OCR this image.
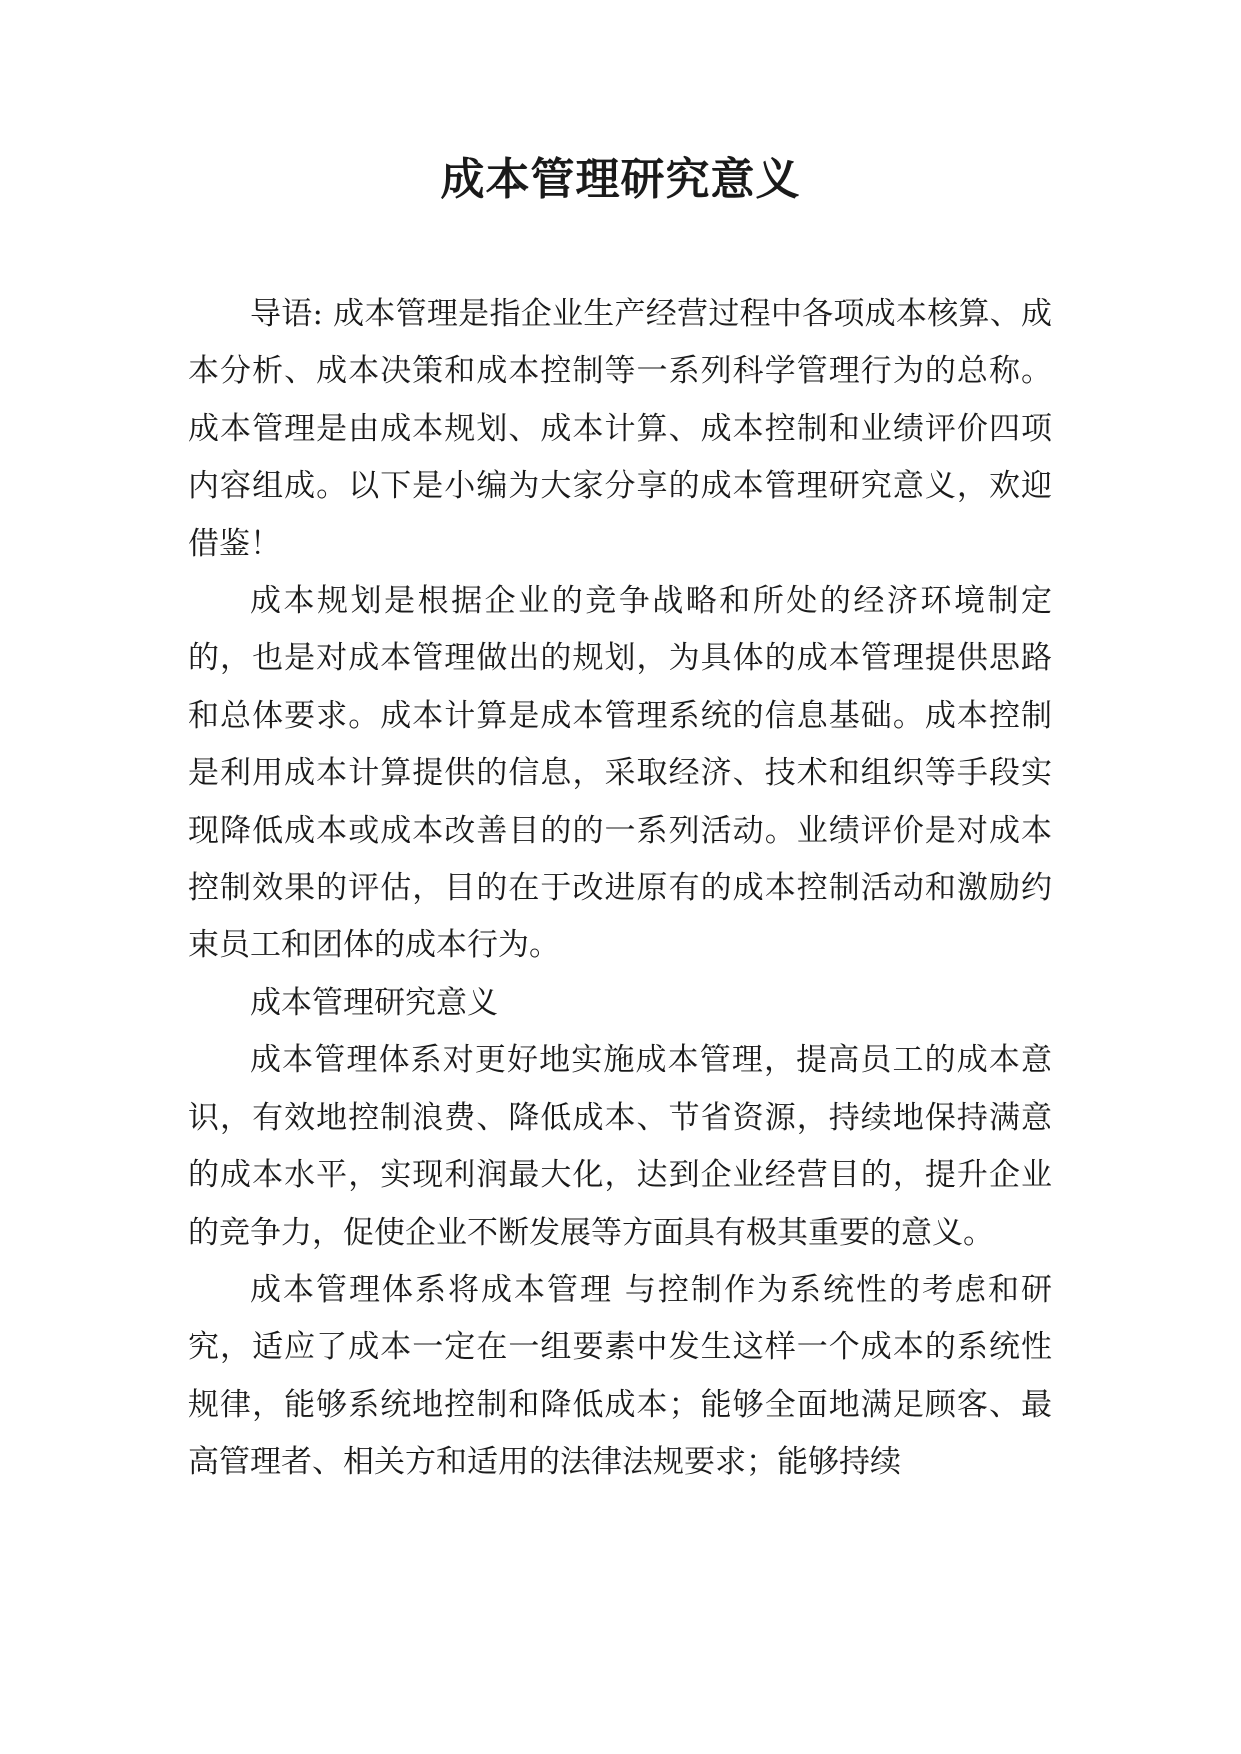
成本管理研究意义

导语: 成本管理是指企业生产经营过程中各项成本核算、成本分析、成本决策和成本控制等一系列科学管理行为的总称。成本管理是由成本规划、成本计算、成本控制和业绩评价四项内容组成。以下是小编为大家分享的成本管理研究意义，欢迎借鉴！

成本规划是根据企业的竞争战略和所处的经济环境制定的，也是对成本管理做出的规划，为具体的成本管理提供思路和总体要求。成本计算是成本管理系统的信息基础。成本控制是利用成本计算提供的信息，采取经济、技术和组织等手段实现降低成本或成本改善目的的一系列活动。业绩评价是对成本控制效果的评估，目的在于改进原有的成本控制活动和激励约束员工和团体的成本行为。

成本管理研究意义

成本管理体系对更好地实施成本管理，提高员工的成本意识，有效地控制浪费、降低成本、节省资源，持续地保持满意的成本水平，实现利润最大化，达到企业经营目的，提升企业的竞争力，促使企业不断发展等方面具有极其重要的意义。

成本管理体系将成本管理 与控制作为系统性的考虑和研究，适应了成本一定在一组要素中发生这样一个成本的系统性规律，能够系统地控制和降低成本；能够全面地满足顾客、最高管理者、相关方和适用的法律法规要求；能够持续
